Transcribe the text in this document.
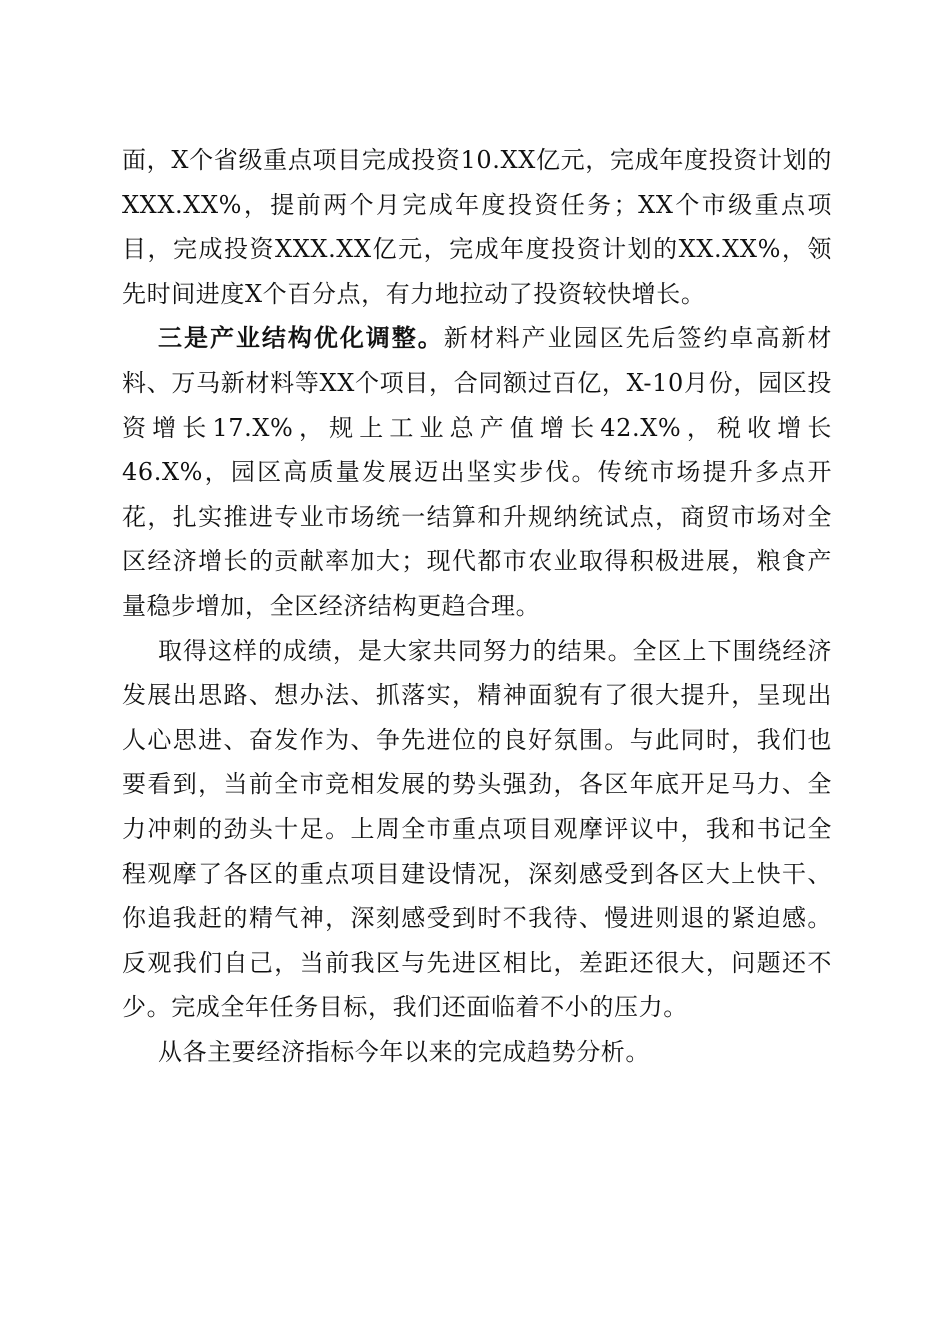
面，X个省级重点项目完成投资10.XX亿元，完成年度投资计划的XXX.XX%，提前两个月完成年度投资任务；XX个市级重点项目，完成投资XXX.XX亿元，完成年度投资计划的XX.XX%，领先时间进度X个百分点，有力地拉动了投资较快增长。

三是产业结构优化调整。新材料产业园区先后签约卓高新材料、万马新材料等XX个项目，合同额过百亿，X-10月份，园区投资增长17.X%，规上工业总产值增长42.X%，税收增长46.X%，园区高质量发展迈出坚实步伐。传统市场提升多点开花，扎实推进专业市场统一结算和升规纳统试点，商贸市场对全区经济增长的贡献率加大；现代都市农业取得积极进展，粮食产量稳步增加，全区经济结构更趋合理。

取得这样的成绩，是大家共同努力的结果。全区上下围绕经济发展出思路、想办法、抓落实，精神面貌有了很大提升，呈现出人心思进、奋发作为、争先进位的良好氛围。与此同时，我们也要看到，当前全市竞相发展的势头强劲，各区年底开足马力、全力冲刺的劲头十足。上周全市重点项目观摩评议中，我和书记全程观摩了各区的重点项目建设情况，深刻感受到各区大上快干、你追我赶的精气神，深刻感受到时不我待、慢进则退的紧迫感。反观我们自己，当前我区与先进区相比，差距还很大，问题还不少。完成全年任务目标，我们还面临着不小的压力。

从各主要经济指标今年以来的完成趋势分析。
